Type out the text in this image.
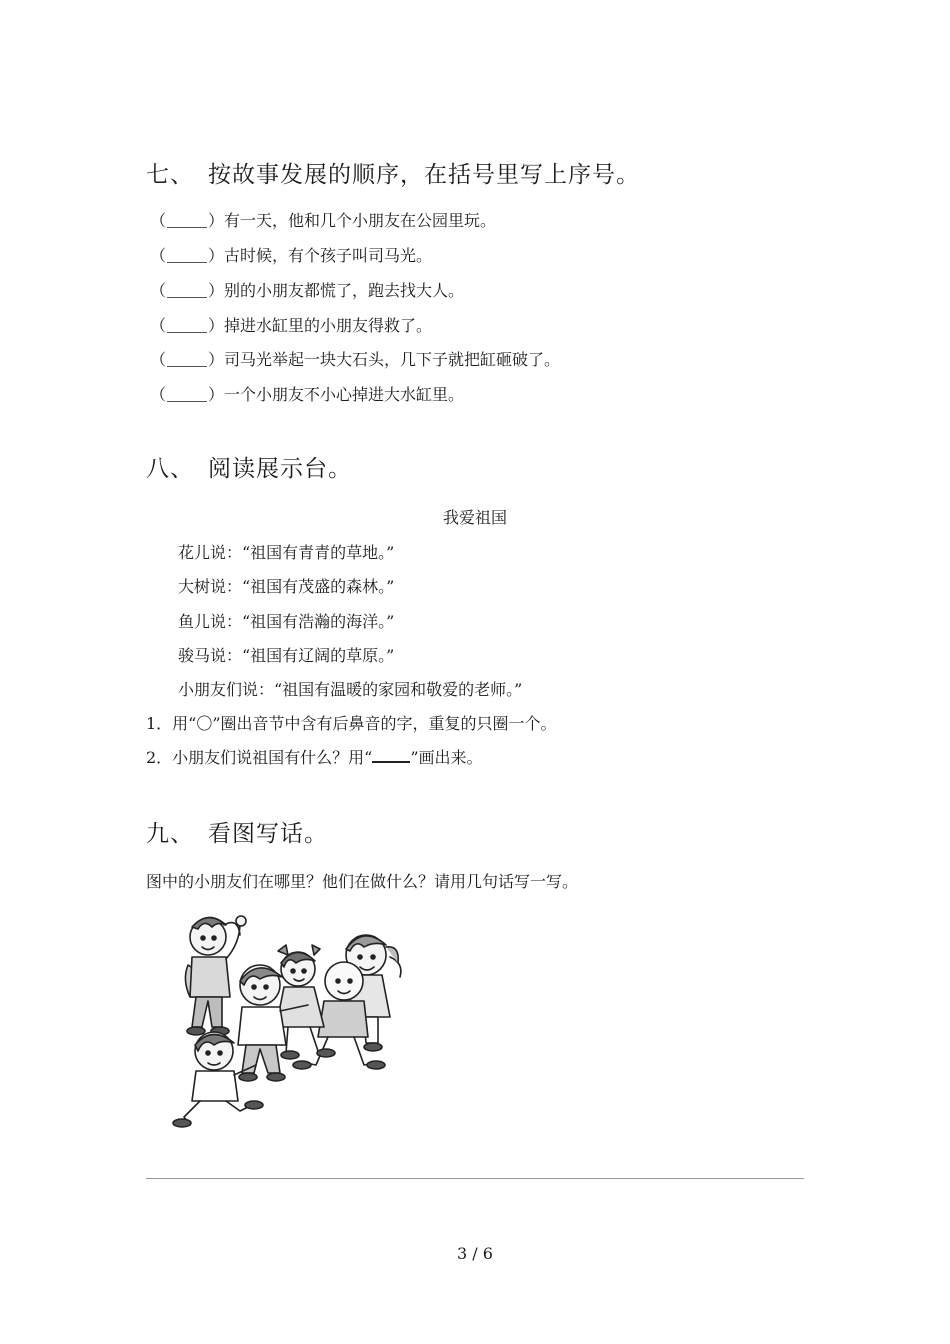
七、 按故事发展的顺序，在括号里写上序号。
（	）有一天，他和几个小朋友在公园里玩。
（	）古时候，有个孩子叫司马光。
（	）别的小朋友都慌了，跑去找大人。
（	）掉进水缸里的小朋友得救了。
（	）司马光举起一块大石头，几下子就把缸砸破了。
（	）一个小朋友不小心掉进大水缸里。
八、 阅读展示台。
我爱祖国
花儿说：“祖国有青青的草地。”
大树说：“祖国有茂盛的森林。”
鱼儿说：“祖国有浩瀚的海洋。”
骏马说：“祖国有辽阔的草原。”
小朋友们说：“祖国有温暖的家园和敬爱的老师。”
1．用“〇”圈出音节中含有后鼻音的字，重复的只圈一个。
2．小朋友们说祖国有什么？用“ ”画出来。
九、 看图写话。
图中的小朋友们在哪里？他们在做什么？请用几句话写一写。
3 / 6
